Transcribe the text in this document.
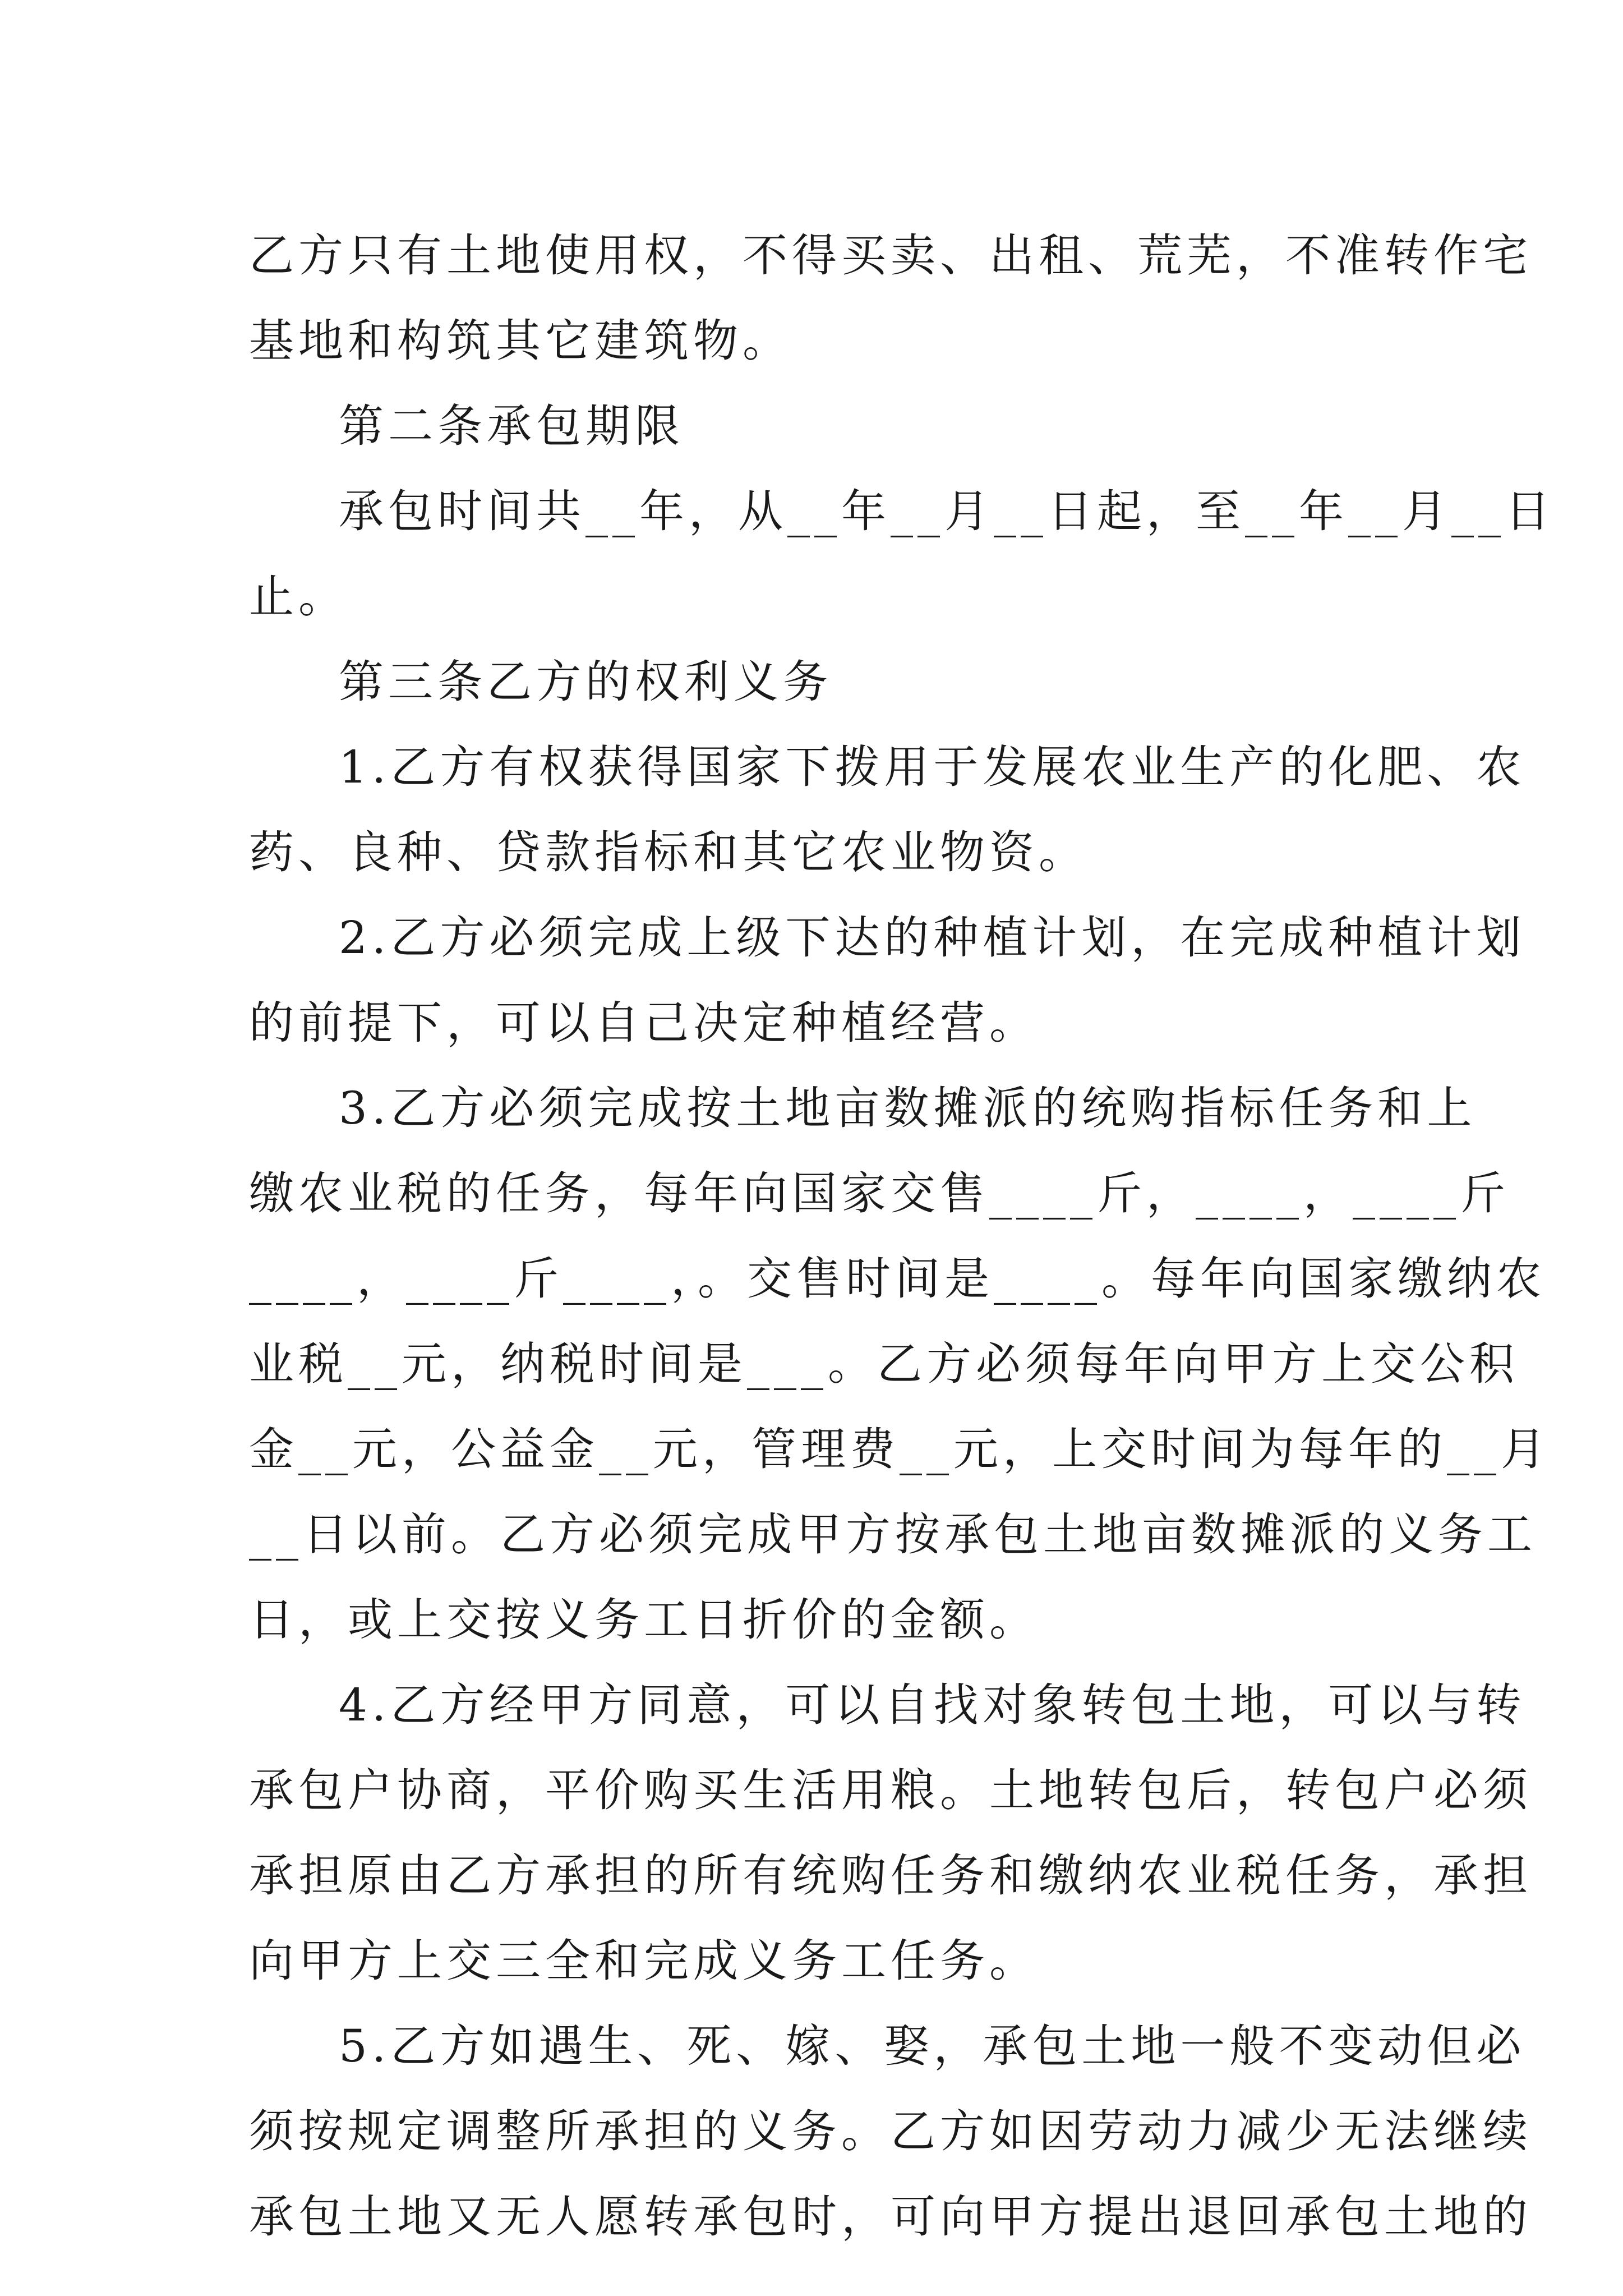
乙方只有土地使用权，不得买卖、出租、荒芜，不准转作宅
基地和构筑其它建筑物。
第二条承包期限
承包时间共__年，从__年__月__日起，至__年__月__日
止。
第三条乙方的权利义务
1.乙方有权获得国家下拨用于发展农业生产的化肥、农
药、良种、贷款指标和其它农业物资。
2.乙方必须完成上级下达的种植计划，在完成种植计划
的前提下，可以自己决定种植经营。
3.乙方必须完成按土地亩数摊派的统购指标任务和上
缴农业税的任务，每年向国家交售____斤，____，____斤
____，____斤____，。交售时间是____。每年向国家缴纳农
业税__元，纳税时间是___。乙方必须每年向甲方上交公积
金__元，公益金__元，管理费__元，上交时间为每年的__月
__日以前。乙方必须完成甲方按承包土地亩数摊派的义务工
日，或上交按义务工日折价的金额。
4.乙方经甲方同意，可以自找对象转包土地，可以与转
承包户协商，平价购买生活用粮。土地转包后，转包户必须
承担原由乙方承担的所有统购任务和缴纳农业税任务，承担
向甲方上交三全和完成义务工任务。
5.乙方如遇生、死、嫁、娶，承包土地一般不变动但必
须按规定调整所承担的义务。乙方如因劳动力减少无法继续
承包土地又无人愿转承包时，可向甲方提出退回承包土地的
